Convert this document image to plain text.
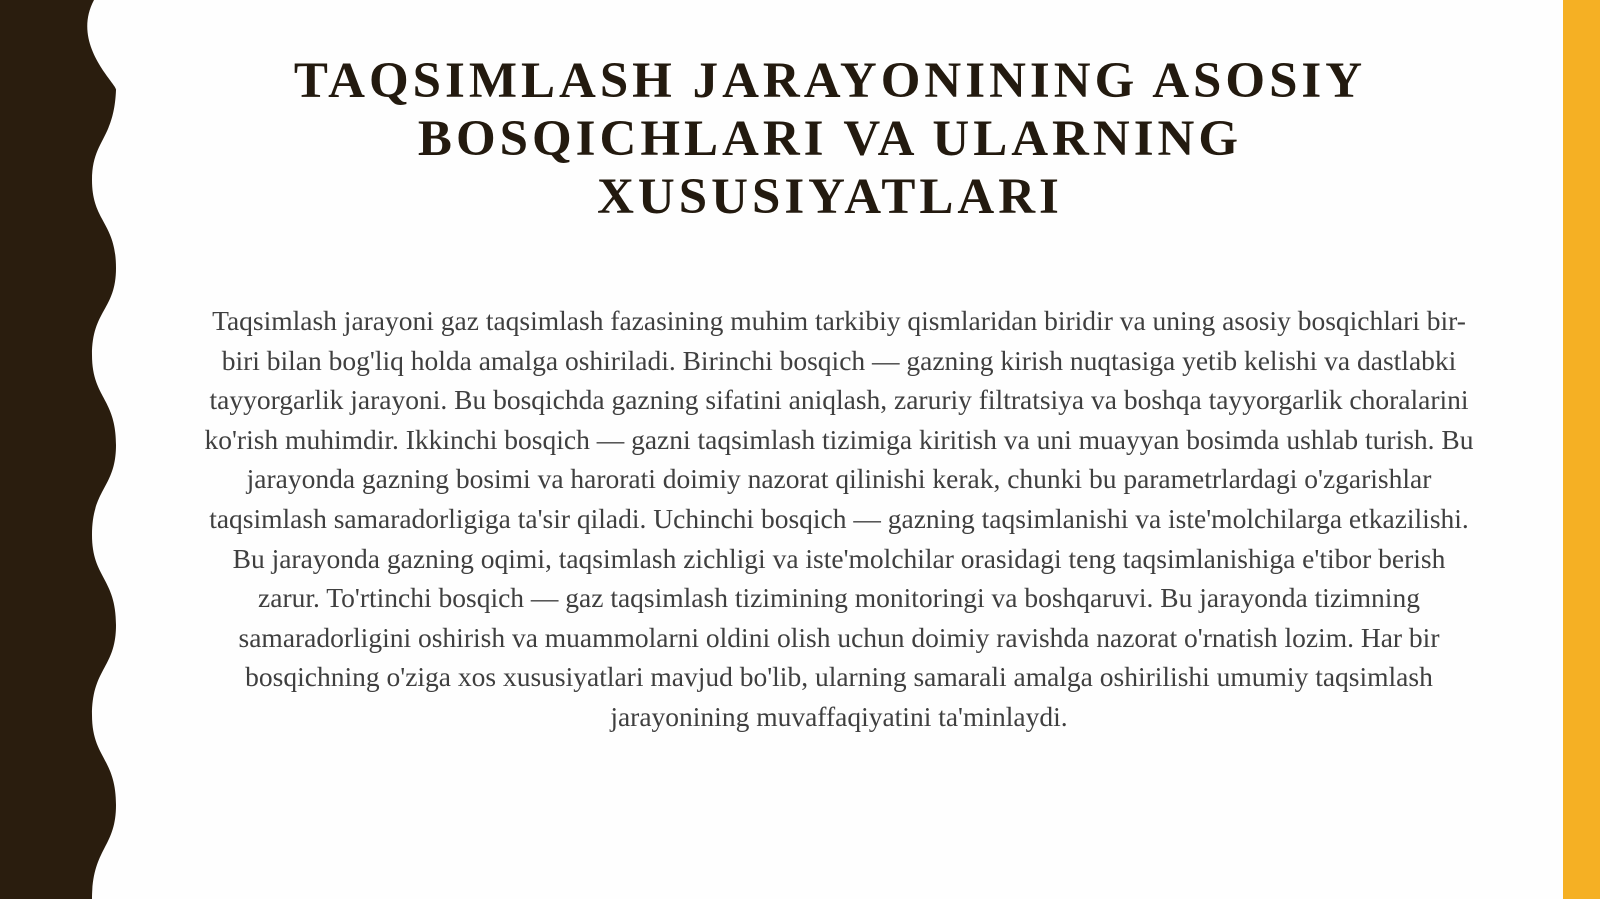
TAQSIMLASH JARAYONINING ASOSIY BOSQICHLARI VA ULARNING XUSUSIYATLARI

Taqsimlash jarayoni gaz taqsimlash fazasining muhim tarkibiy qismlaridan biridir va uning asosiy bosqichlari bir-biri bilan bog'liq holda amalga oshiriladi. Birinchi bosqich — gazning kirish nuqtasiga yetib kelishi va dastlabki tayyorgarlik jarayoni. Bu bosqichda gazning sifatini aniqlash, zaruriy filtratsiya va boshqa tayyorgarlik choralarini ko'rish muhimdir. Ikkinchi bosqich — gazni taqsimlash tizimiga kiritish va uni muayyan bosimda ushlab turish. Bu jarayonda gazning bosimi va harorati doimiy nazorat qilinishi kerak, chunki bu parametrlardagi o'zgarishlar taqsimlash samaradorligiga ta'sir qiladi. Uchinchi bosqich — gazning taqsimlanishi va iste'molchilarga etkazilishi. Bu jarayonda gazning oqimi, taqsimlash zichligi va iste'molchilar orasidagi teng taqsimlanishiga e'tibor berish zarur. To'rtinchi bosqich — gaz taqsimlash tizimining monitoringi va boshqaruvi. Bu jarayonda tizimning samaradorligini oshirish va muammolarni oldini olish uchun doimiy ravishda nazorat o'rnatish lozim. Har bir bosqichning o'ziga xos xususiyatlari mavjud bo'lib, ularning samarali amalga oshirilishi umumiy taqsimlash jarayonining muvaffaqiyatini ta'minlaydi.
